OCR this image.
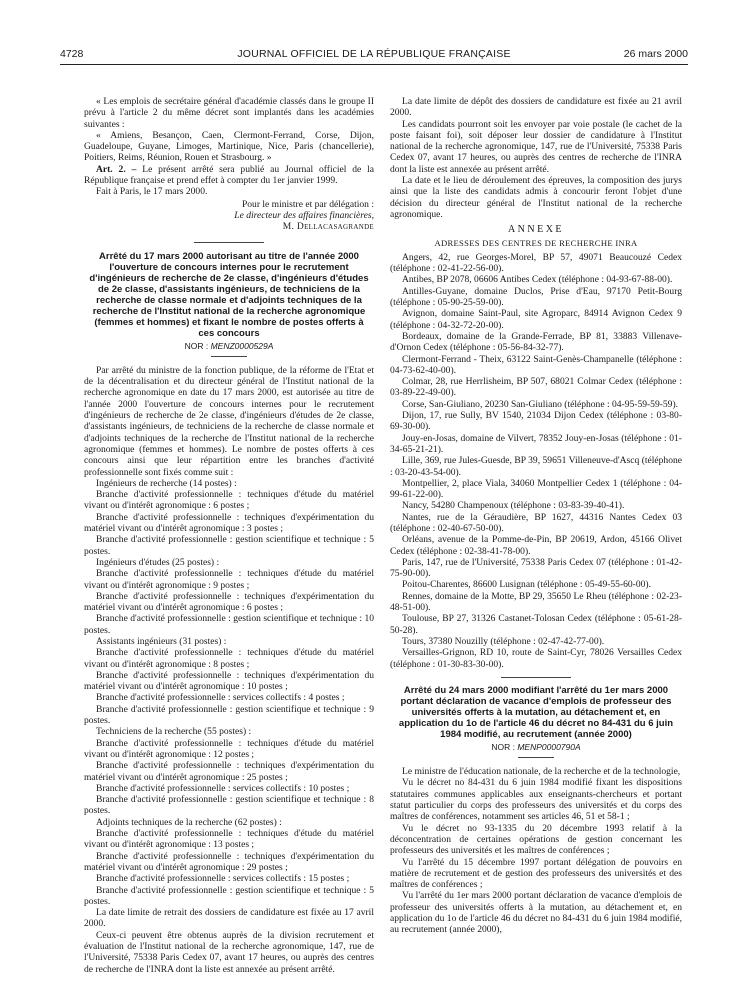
4728	JOURNAL OFFICIEL DE LA RÉPUBLIQUE FRANÇAISE	26 mars 2000

« Les emplois de secrétaire général d'académie classés dans le groupe II prévu à l'article 2 du même décret sont implantés dans les académies suivantes :

« Amiens, Besançon, Caen, Clermont-Ferrand, Corse, Dijon, Guadeloupe, Guyane, Limoges, Martinique, Nice, Paris (chancellerie), Poitiers, Reims, Réunion, Rouen et Strasbourg. »

Art. 2. – Le présent arrêté sera publié au Journal officiel de la République française et prend effet à compter du 1er janvier 1999.

Fait à Paris, le 17 mars 2000.

Pour le ministre et par délégation :
Le directeur des affaires financières,
M. Dellacasagrande
Arrêté du 17 mars 2000 autorisant au titre de l'année 2000 l'ouverture de concours internes pour le recrutement d'ingénieurs de recherche de 2e classe, d'ingénieurs d'études de 2e classe, d'assistants ingénieurs, de techniciens de la recherche de classe normale et d'adjoints techniques de la recherche de l'Institut national de la recherche agronomique (femmes et hommes) et fixant le nombre de postes offerts à ces concours
NOR : MENZ0000529A

Par arrêté du ministre de la fonction publique, de la réforme de l'Etat et de la décentralisation et du directeur général de l'Institut national de la recherche agronomique en date du 17 mars 2000, est autorisée au titre de l'année 2000 l'ouverture de concours internes pour le recrutement d'ingénieurs de recherche de 2e classe, d'ingénieurs d'études de 2e classe, d'assistants ingénieurs, de techniciens de la recherche de classe normale et d'adjoints techniques de la recherche de l'Institut national de la recherche agronomique (femmes et hommes). Le nombre de postes offerts à ces concours ainsi que leur répartition entre les branches d'activité professionnelle sont fixés comme suit :

Ingénieurs de recherche (14 postes) :

Branche d'activité professionnelle : techniques d'étude du matériel vivant ou d'intérêt agronomique : 6 postes ;

Branche d'activité professionnelle : techniques d'expérimentation du matériel vivant ou d'intérêt agronomique : 3 postes ;

Branche d'activité professionnelle : gestion scientifique et technique : 5 postes.

Ingénieurs d'études (25 postes) :

Branche d'activité professionnelle : techniques d'étude du matériel vivant ou d'intérêt agronomique : 9 postes ;

Branche d'activité professionnelle : techniques d'expérimentation du matériel vivant ou d'intérêt agronomique : 6 postes ;

Branche d'activité professionnelle : gestion scientifique et technique : 10 postes.

Assistants ingénieurs (31 postes) :

Branche d'activité professionnelle : techniques d'étude du matériel vivant ou d'intérêt agronomique : 8 postes ;

Branche d'activité professionnelle : techniques d'expérimentation du matériel vivant ou d'intérêt agronomique : 10 postes ;

Branche d'activité professionnelle : services collectifs : 4 postes ;

Branche d'activité professionnelle : gestion scientifique et technique : 9 postes.

Techniciens de la recherche (55 postes) :

Branche d'activité professionnelle : techniques d'étude du matériel vivant ou d'intérêt agronomique : 12 postes ;

Branche d'activité professionnelle : techniques d'expérimentation du matériel vivant ou d'intérêt agronomique : 25 postes ;

Branche d'activité professionnelle : services collectifs : 10 postes ;

Branche d'activité professionnelle : gestion scientifique et technique : 8 postes.

Adjoints techniques de la recherche (62 postes) :

Branche d'activité professionnelle : techniques d'étude du matériel vivant ou d'intérêt agronomique : 13 postes ;

Branche d'activité professionnelle : techniques d'expérimentation du matériel vivant ou d'intérêt agronomique : 29 postes ;

Branche d'activité professionnelle : services collectifs : 15 postes ;

Branche d'activité professionnelle : gestion scientifique et technique : 5 postes.

La date limite de retrait des dossiers de candidature est fixée au 17 avril 2000.

Ceux-ci peuvent être obtenus auprès de la division recrutement et évaluation de l'Institut national de la recherche agronomique, 147, rue de l'Université, 75338 Paris Cedex 07, avant 17 heures, ou auprès des centres de recherche de l'INRA dont la liste est annexée au présent arrêté.

La date limite de dépôt des dossiers de candidature est fixée au 21 avril 2000.

Les candidats pourront soit les envoyer par voie postale (le cachet de la poste faisant foi), soit déposer leur dossier de candidature à l'Institut national de la recherche agronomique, 147, rue de l'Université, 75338 Paris Cedex 07, avant 17 heures, ou auprès des centres de recherche de l'INRA dont la liste est annexée au présent arrêté.

La date et le lieu de déroulement des épreuves, la composition des jurys ainsi que la liste des candidats admis à concourir feront l'objet d'une décision du directeur général de l'Institut national de la recherche agronomique.

ANNEXE
ADRESSES DES CENTRES DE RECHERCHE INRA

Angers, 42, rue Georges-Morel, BP 57, 49071 Beaucouzé Cedex (téléphone : 02-41-22-56-00).

Antibes, BP 2078, 06606 Antibes Cedex (téléphone : 04-93-67-88-00).

Antilles-Guyane, domaine Duclos, Prise d'Eau, 97170 Petit-Bourg (téléphone : 05-90-25-59-00).

Avignon, domaine Saint-Paul, site Agroparc, 84914 Avignon Cedex 9 (téléphone : 04-32-72-20-00).

Bordeaux, domaine de la Grande-Ferrade, BP 81, 33883 Villenave-d'Ornon Cedex (téléphone : 05-56-84-32-77).

Clermont-Ferrand - Theix, 63122 Saint-Genès-Champanelle (téléphone : 04-73-62-40-00).

Colmar, 28, rue Herrlisheim, BP 507, 68021 Colmar Cedex (téléphone : 03-89-22-49-00).

Corse, San-Giuliano, 20230 San-Giuliano (téléphone : 04-95-59-59-59).

Dijon, 17, rue Sully, BV 1540, 21034 Dijon Cedex (téléphone : 03-80-69-30-00).

Jouy-en-Josas, domaine de Vilvert, 78352 Jouy-en-Josas (téléphone : 01-34-65-21-21).

Lille, 369, rue Jules-Guesde, BP 39, 59651 Villeneuve-d'Ascq (téléphone : 03-20-43-54-00).

Montpellier, 2, place Viala, 34060 Montpellier Cedex 1 (téléphone : 04-99-61-22-00).

Nancy, 54280 Champenoux (téléphone : 03-83-39-40-41).

Nantes, rue de la Géraudière, BP 1627, 44316 Nantes Cedex 03 (téléphone : 02-40-67-50-00).

Orléans, avenue de la Pomme-de-Pin, BP 20619, Ardon, 45166 Olivet Cedex (téléphone : 02-38-41-78-00).

Paris, 147, rue de l'Université, 75338 Paris Cedex 07 (téléphone : 01-42-75-90-00).

Poitou-Charentes, 86600 Lusignan (téléphone : 05-49-55-60-00).

Rennes, domaine de la Motte, BP 29, 35650 Le Rheu (téléphone : 02-23-48-51-00).

Toulouse, BP 27, 31326 Castanet-Tolosan Cedex (téléphone : 05-61-28-50-28).

Tours, 37380 Nouzilly (téléphone : 02-47-42-77-00).

Versailles-Grignon, RD 10, route de Saint-Cyr, 78026 Versailles Cedex (téléphone : 01-30-83-30-00).

Arrêté du 24 mars 2000 modifiant l'arrêté du 1er mars 2000 portant déclaration de vacance d'emplois de professeur des universités offerts à la mutation, au détachement et, en application du 1o de l'article 46 du décret no 84-431 du 6 juin 1984 modifié, au recrutement (année 2000)
NOR : MENP0000790A

Le ministre de l'éducation nationale, de la recherche et de la technologie,

Vu le décret no 84-431 du 6 juin 1984 modifié fixant les dispositions statutaires communes applicables aux enseignants-chercheurs et portant statut particulier du corps des professeurs des universités et du corps des maîtres de conférences, notamment ses articles 46, 51 et 58-1 ;

Vu le décret no 93-1335 du 20 décembre 1993 relatif à la déconcentration de certaines opérations de gestion concernant les professeurs des universités et les maîtres de conférences ;

Vu l'arrêté du 15 décembre 1997 portant délégation de pouvoirs en matière de recrutement et de gestion des professeurs des universités et des maîtres de conférences ;

Vu l'arrêté du 1er mars 2000 portant déclaration de vacance d'emplois de professeur des universités offerts à la mutation, au détachement et, en application du 1o de l'article 46 du décret no 84-431 du 6 juin 1984 modifié, au recrutement (année 2000),
